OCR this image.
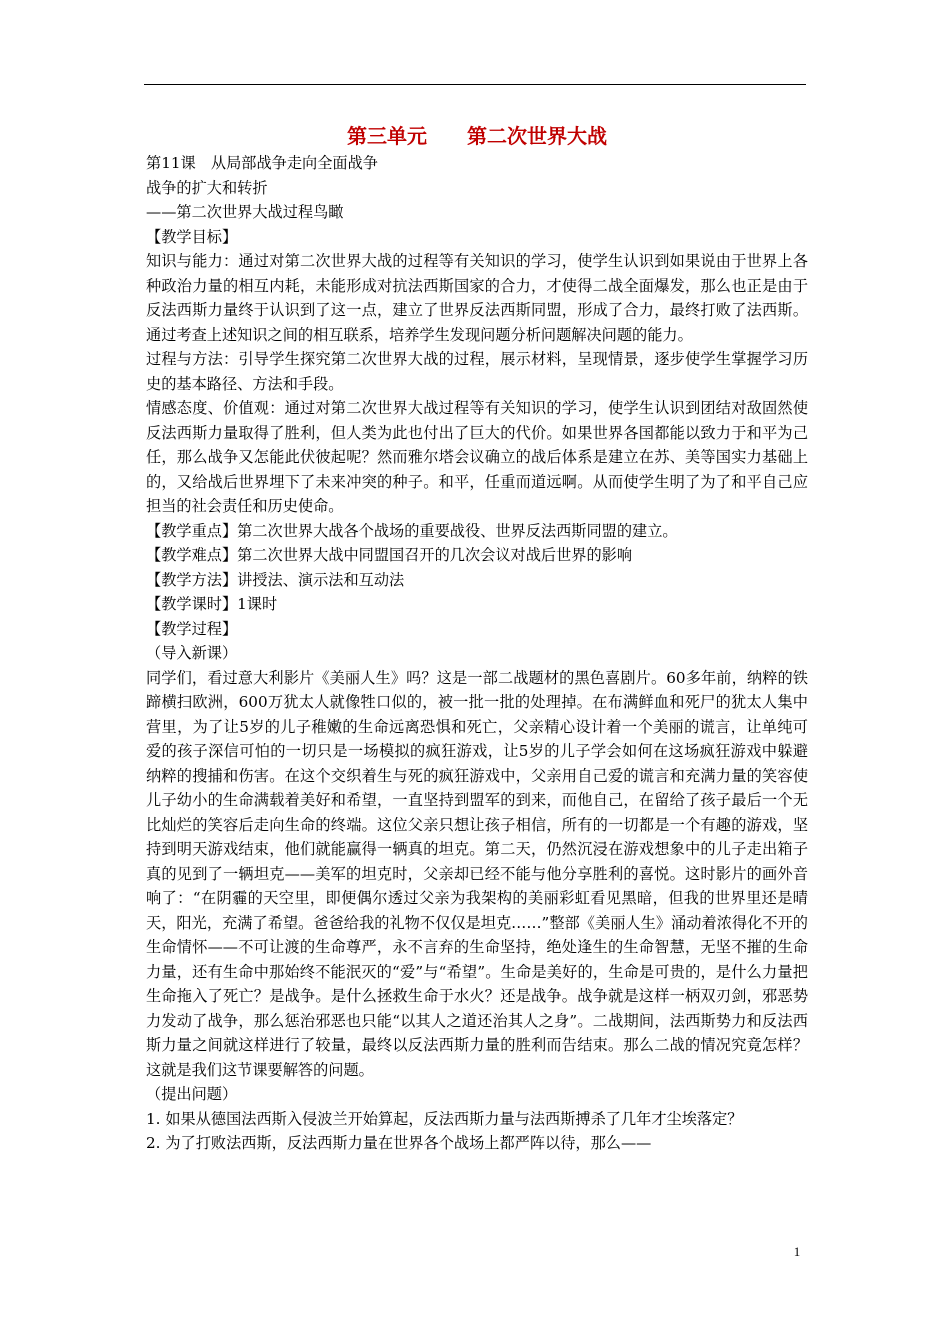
第三单元　　第二次世界大战
第11课　从局部战争走向全面战争
战争的扩大和转折
——第二次世界大战过程鸟瞰
【教学目标】
知识与能力：通过对第二次世界大战的过程等有关知识的学习，使学生认识到如果说由于世界上各种政治力量的相互内耗，未能形成对抗法西斯国家的合力，才使得二战全面爆发，那么也正是由于反法西斯力量终于认识到了这一点，建立了世界反法西斯同盟，形成了合力，最终打败了法西斯。通过考查上述知识之间的相互联系，培养学生发现问题分析问题解决问题的能力。
过程与方法：引导学生探究第二次世界大战的过程，展示材料，呈现情景，逐步使学生掌握学习历史的基本路径、方法和手段。
情感态度、价值观：通过对第二次世界大战过程等有关知识的学习，使学生认识到团结对敌固然使反法西斯力量取得了胜利，但人类为此也付出了巨大的代价。如果世界各国都能以致力于和平为己任，那么战争又怎能此伏彼起呢？然而雅尔塔会议确立的战后体系是建立在苏、美等国实力基础上的，又给战后世界埋下了未来冲突的种子。和平，任重而道远啊。从而使学生明了为了和平自己应担当的社会责任和历史使命。
【教学重点】第二次世界大战各个战场的重要战役、世界反法西斯同盟的建立。
【教学难点】第二次世界大战中同盟国召开的几次会议对战后世界的影响
【教学方法】讲授法、演示法和互动法
【教学课时】1课时
【教学过程】
（导入新课）
同学们，看过意大利影片《美丽人生》吗？这是一部二战题材的黑色喜剧片。60多年前，纳粹的铁蹄横扫欧洲，600万犹太人就像牲口似的，被一批一批的处理掉。在布满鲜血和死尸的犹太人集中营里，为了让5岁的儿子稚嫩的生命远离恐惧和死亡，父亲精心设计着一个美丽的谎言，让单纯可爱的孩子深信可怕的一切只是一场模拟的疯狂游戏，让5岁的儿子学会如何在这场疯狂游戏中躲避纳粹的搜捕和伤害。在这个交织着生与死的疯狂游戏中，父亲用自己爱的谎言和充满力量的笑容使儿子幼小的生命满载着美好和希望，一直坚持到盟军的到来，而他自己，在留给了孩子最后一个无比灿烂的笑容后走向生命的终端。这位父亲只想让孩子相信，所有的一切都是一个有趣的游戏，坚持到明天游戏结束，他们就能赢得一辆真的坦克。第二天，仍然沉浸在游戏想象中的儿子走出箱子真的见到了一辆坦克——美军的坦克时，父亲却已经不能与他分享胜利的喜悦。这时影片的画外音响了：“在阴霾的天空里，即便偶尔透过父亲为我架构的美丽彩虹看见黑暗，但我的世界里还是晴天，阳光，充满了希望。爸爸给我的礼物不仅仅是坦克……”整部《美丽人生》涌动着浓得化不开的生命情怀——不可让渡的生命尊严，永不言弃的生命坚持，绝处逢生的生命智慧，无坚不摧的生命力量，还有生命中那始终不能泯灭的“爱”与“希望”。生命是美好的，生命是可贵的，是什么力量把生命拖入了死亡？是战争。是什么拯救生命于水火？还是战争。战争就是这样一柄双刃剑，邪恶势力发动了战争，那么惩治邪恶也只能“以其人之道还治其人之身”。二战期间，法西斯势力和反法西斯力量之间就这样进行了较量，最终以反法西斯力量的胜利而告结束。那么二战的情况究竟怎样？这就是我们这节课要解答的问题。
（提出问题）
1. 如果从德国法西斯入侵波兰开始算起，反法西斯力量与法西斯搏杀了几年才尘埃落定？
2. 为了打败法西斯，反法西斯力量在世界各个战场上都严阵以待，那么——
1
